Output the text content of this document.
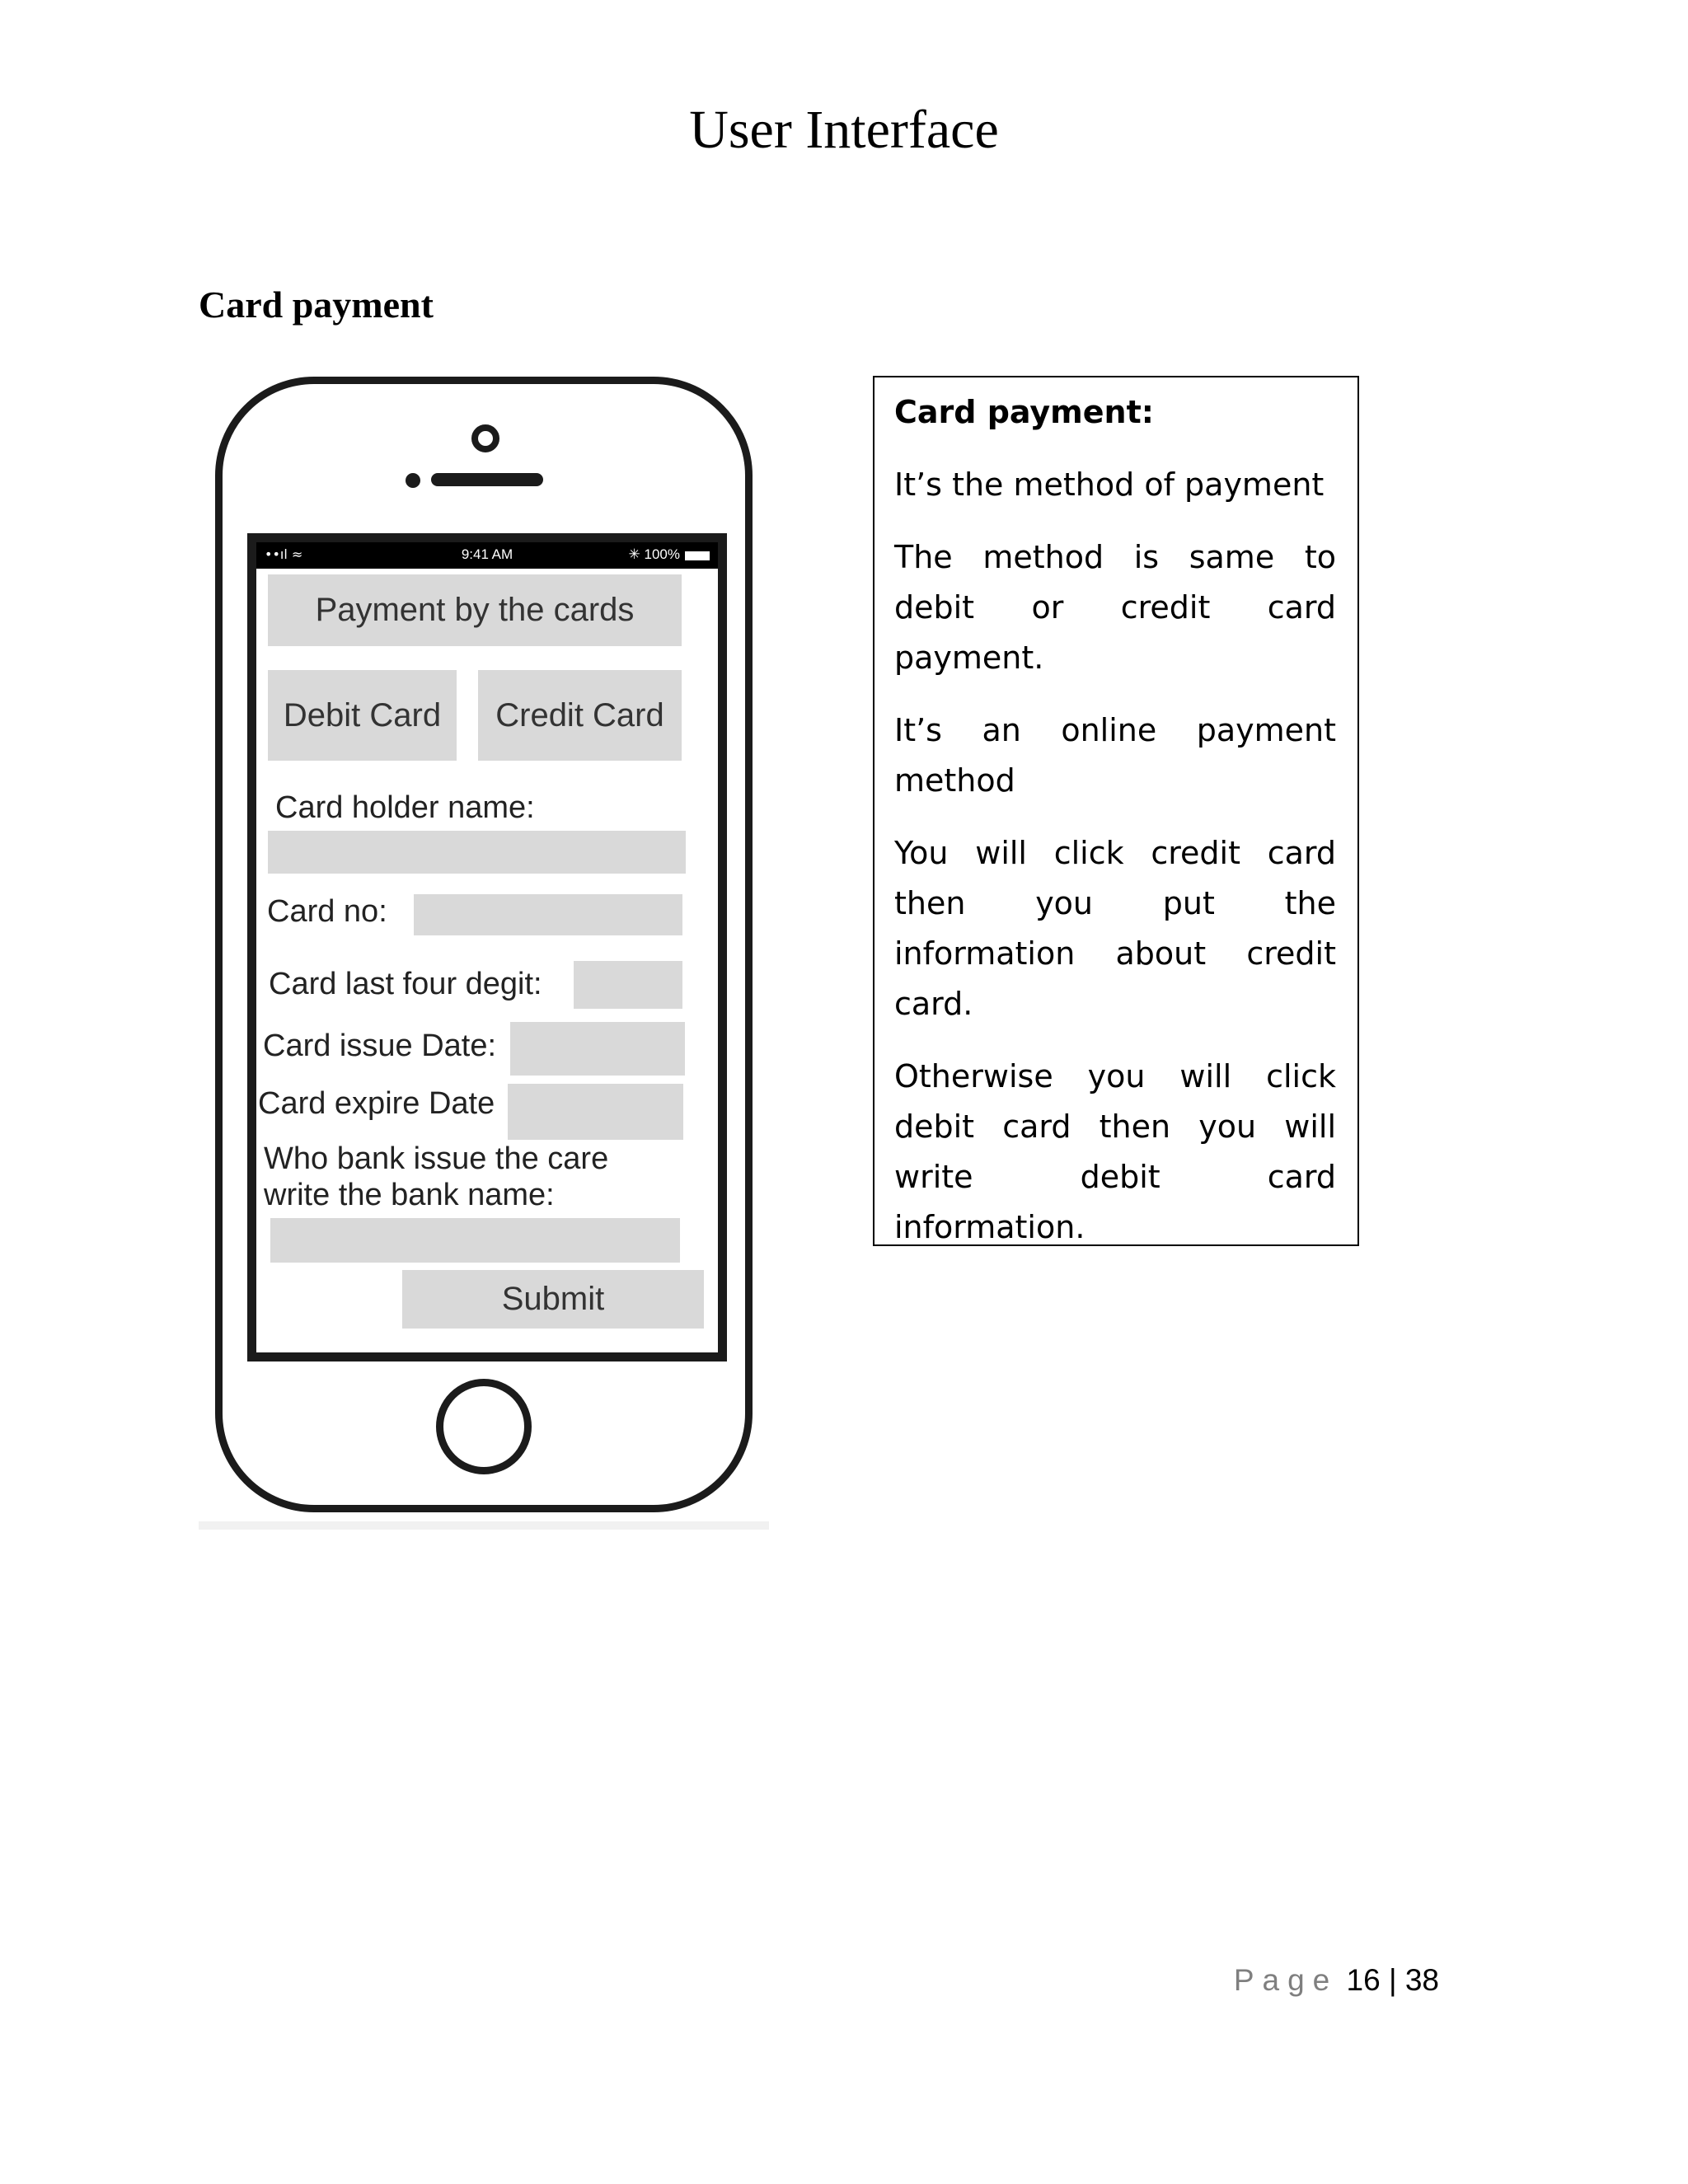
User Interface
Card payment
••ıl ≈	9:41 AM	✳ 100%
Payment by the cards
Debit Card	Credit Card
Card holder name:
Card no:
Card last four degit:
Card issue Date:
Card expire Date
Who bank issue the care
write the bank name:
Submit

Card payment:

It’s the method of payment

The method is same to debit or credit card payment.

It’s an online payment method

You will click credit card then you put the information about credit card.

Otherwise you will click debit card then you will write debit card information.

Page 16 | 38
